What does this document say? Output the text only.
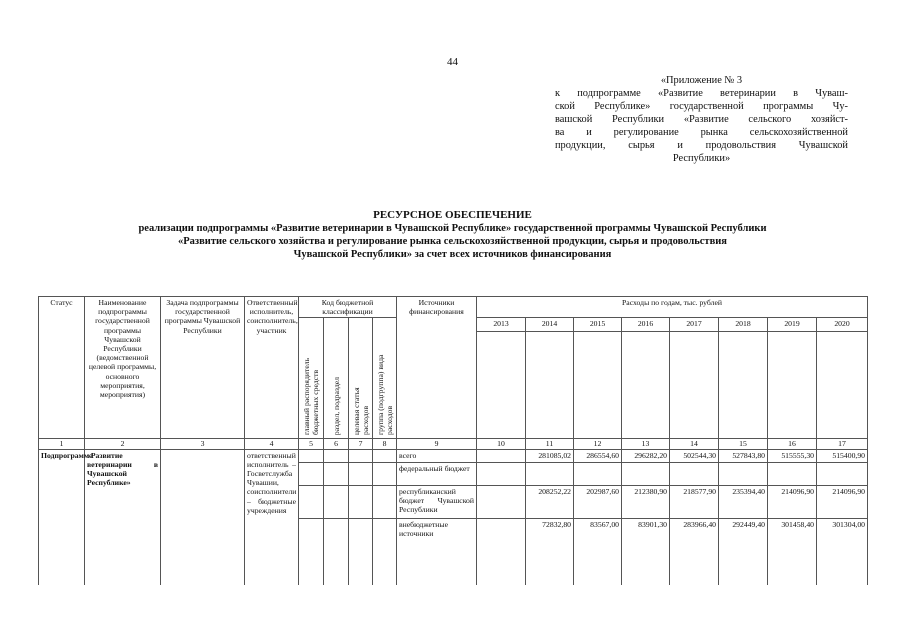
44
«Приложение № 3
к подпрограмме «Развитие ветеринарии в Чуваш-
ской Республике» государственной программы Чу-
вашской Республики «Развитие сельского хозяйст-
ва и регулирование рынка сельскохозяйственной
продукции, сырья и продовольствия Чувашской
Республики»
РЕСУРСНОЕ ОБЕСПЕЧЕНИЕ
реализации подпрограммы «Развитие ветеринарии в Чувашской Республике» государственной программы Чувашской Республики
«Развитие сельского хозяйства и регулирование рынка сельскохозяйственной продукции, сырья и продовольствия
Чувашской Республики» за счет всех источников финансирования
Статус	Наименование подпрограммы государственной программы Чувашской Республики (ведомственной целевой программы, основного мероприятия, мероприятия)	Задача подпрограммы государственной программы Чувашской Республики	Ответственный исполнитель, соисполнитель, участник	Код бюджетной классификации				Источники финансирования	Расходы по годам, тыс. рублей							
				главный распорядитель бюджетных средств	раздел, подраздел	целевая статья расходов	группа (подгруппа) вида расходов		2013	2014	2015	2016	2017	2018	2019	2020

1	2	3	4	5	6	7	8	9	10	11	12	13	14	15	16	17
Подпрограмма	«Развитие ветеринарии в Чувашской Республике»		ответственный исполнитель – Госветслужба Чувашии, соисполнители – бюджетные учреждения					всего		281085,02	286554,60	296282,20	502544,30	527843,80	515555,30	515400,90
								федеральный бюджет								
								республиканский бюджет Чувашской Республики		208252,22	202987,60	212380,90	218577,90	235394,40	214096,90	214096,90
								внебюджетные источники		72832,80	83567,00	83901,30	283966,40	292449,40	301458,40	301304,00
